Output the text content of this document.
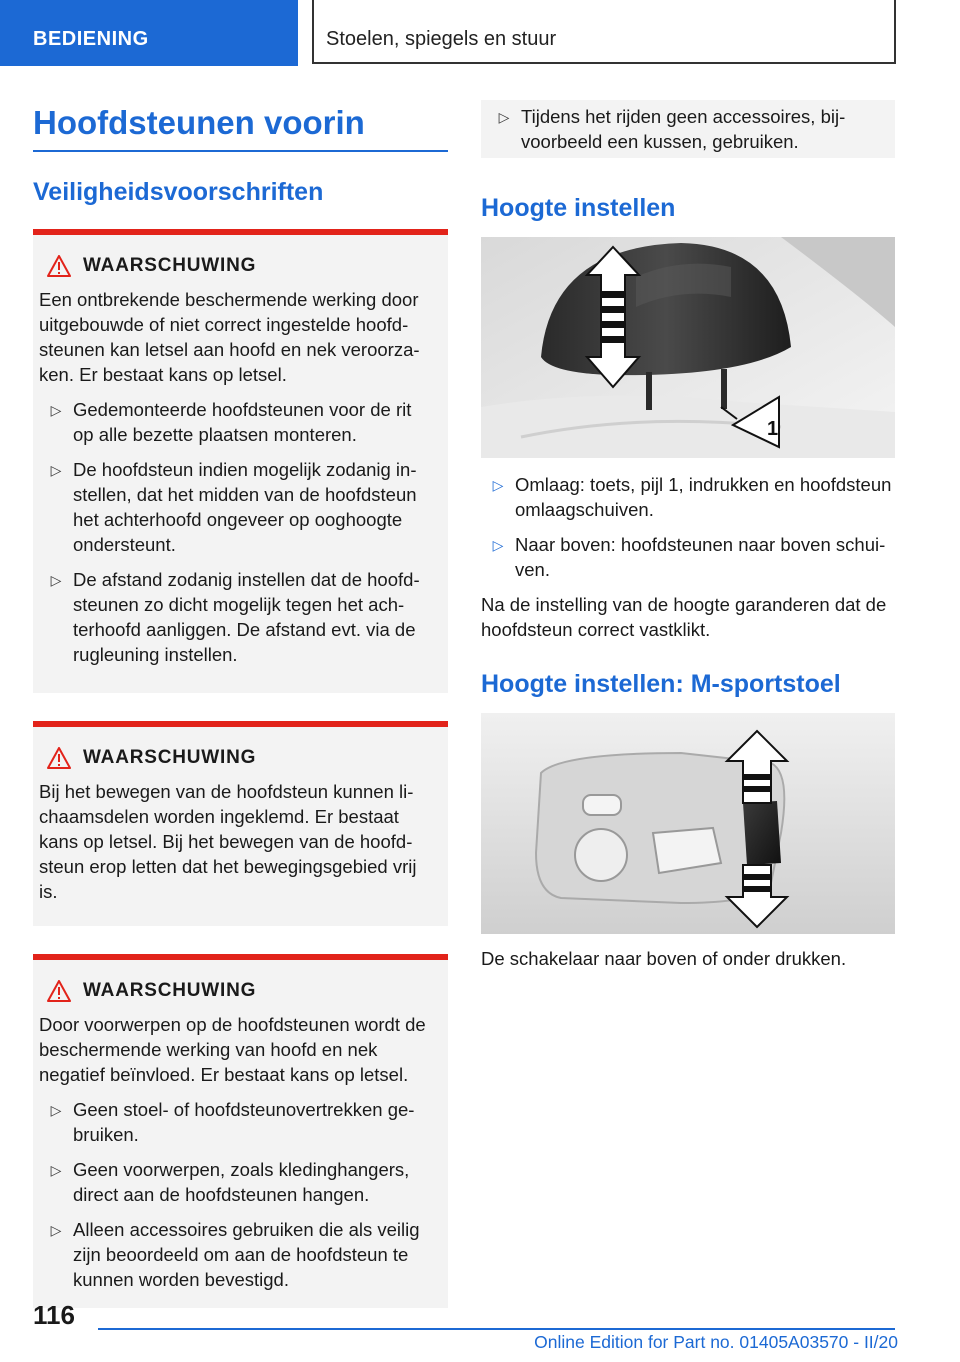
BEDIENING	Stoelen, spiegels en stuur
Hoofdsteunen voorin
Veiligheidsvoorschriften
WAARSCHUWING
Een ontbrekende beschermende werking door uitgebouwde of niet correct ingestelde hoofdsteunen kan letsel aan hoofd en nek veroorzaken. Er bestaat kans op letsel.
▷ Gedemonteerde hoofdsteunen voor de rit op alle bezette plaatsen monteren.
▷ De hoofdsteun indien mogelijk zodanig instellen, dat het midden van de hoofdsteun het achterhoofd ongeveer op ooghoogte ondersteunt.
▷ De afstand zodanig instellen dat de hoofdsteunen zo dicht mogelijk tegen het achterhoofd aanliggen. De afstand evt. via de rugleuning instellen.
WAARSCHUWING
Bij het bewegen van de hoofdsteun kunnen lichaamsdelen worden ingeklemd. Er bestaat kans op letsel. Bij het bewegen van de hoofdsteun erop letten dat het bewegingsgebied vrij is.
WAARSCHUWING
Door voorwerpen op de hoofdsteunen wordt de beschermende werking van hoofd en nek negatief beïnvloed. Er bestaat kans op letsel.
▷ Geen stoel- of hoofdsteunovertrekken gebruiken.
▷ Geen voorwerpen, zoals kledinghangers, direct aan de hoofdsteunen hangen.
▷ Alleen accessoires gebruiken die als veilig zijn beoordeeld om aan de hoofdsteun te kunnen worden bevestigd.
▷ Tijdens het rijden geen accessoires, bijvoorbeeld een kussen, gebruiken.
Hoogte instellen
1
▷ Omlaag: toets, pijl 1, indrukken en hoofdsteun omlaagschuiven.
▷ Naar boven: hoofdsteunen naar boven schuiven.

Na de instelling van de hoogte garanderen dat de hoofdsteun correct vastklikt.

Hoogte instellen: M-sportstoel

De schakelaar naar boven of onder drukken.

116
Online Edition for Part no. 01405A03570 - II/20
